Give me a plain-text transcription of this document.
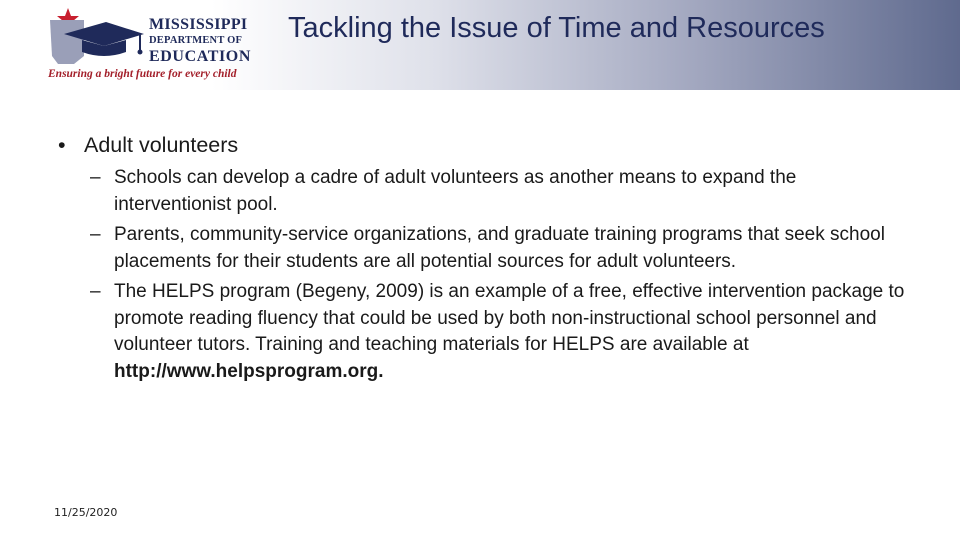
MISSISSIPPI
DEPARTMENT OF
EDUCATION
Ensuring a bright future for every child
Tackling the Issue of Time and Resources
• Adult volunteers
– Schools can develop a cadre of adult volunteers as another means to expand the interventionist pool.
– Parents, community-service organizations, and graduate training programs that seek school placements for their students are all potential sources for adult volunteers.
– The HELPS program (Begeny, 2009) is an example of a free, effective intervention package to promote reading fluency that could be used by both non-instructional school personnel and volunteer tutors. Training and teaching materials for HELPS are available at http://www.helpsprogram.org.
11/25/2020
